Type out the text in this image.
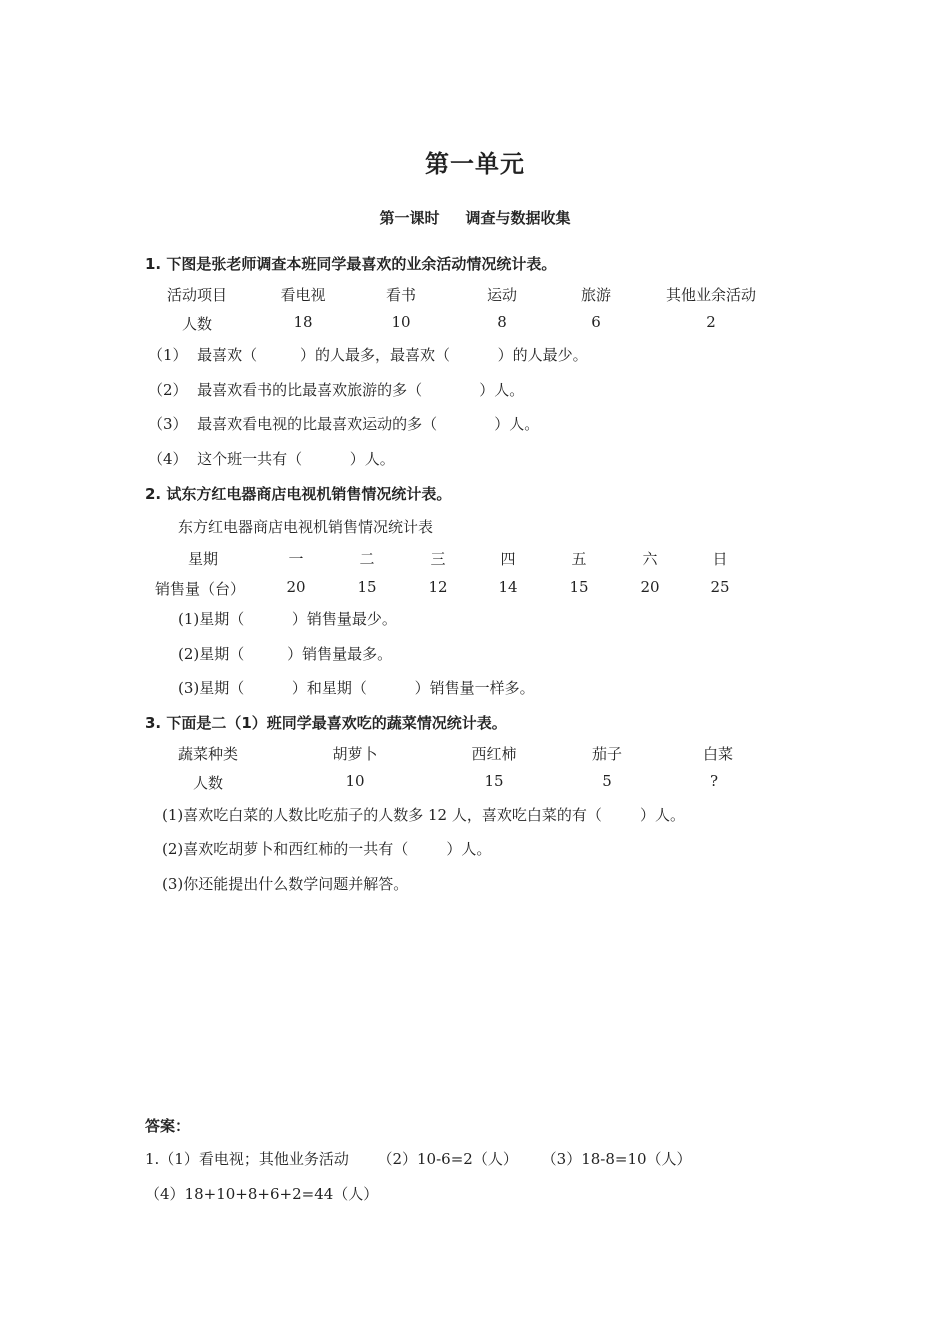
第一单元
第一课时     调查与数据收集
1. 下图是张老师调查本班同学最喜欢的业余活动情况统计表。
活动项目	看电视	看书	运动	旅游	其他业余活动
人数	18	10	8	6	2
（1）  最喜欢（         ）的人最多，最喜欢（          ）的人最少。
（2）  最喜欢看书的比最喜欢旅游的多（            ）人。
（3）  最喜欢看电视的比最喜欢运动的多（            ）人。
（4）  这个班一共有（          ）人。
2. 试东方红电器商店电视机销售情况统计表。
东方红电器商店电视机销售情况统计表
星期	一	二	三	四	五	六	日
销售量（台）	20	15	12	14	15	20	25
(1)星期（          ）销售量最少。
(2)星期（         ）销售量最多。
(3)星期（          ）和星期（          ）销售量一样多。
3. 下面是二（1）班同学最喜欢吃的蔬菜情况统计表。
蔬菜种类	胡萝卜	西红柿	茄子	白菜
人数	10	15	5	?
(1)喜欢吃白菜的人数比吃茄子的人数多 12 人，喜欢吃白菜的有（        ）人。
(2)喜欢吃胡萝卜和西红柿的一共有（        ）人。
(3)你还能提出什么数学问题并解答。
答案：
1.（1）看电视；其他业务活动      （2）10-6=2（人）     （3）18-8=10（人）
（4）18+10+8+6+2=44（人）
